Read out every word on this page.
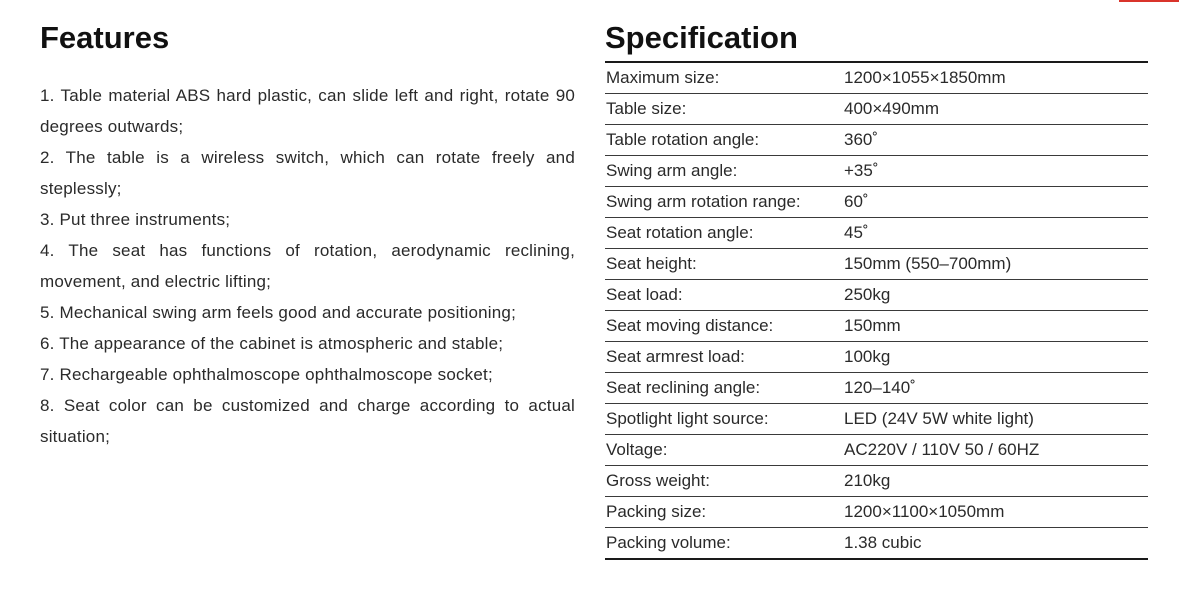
Features
1. Table material ABS hard plastic, can slide left and right, rotate 90 degrees outwards;
2. The table is a wireless switch, which can rotate freely and steplessly;
3. Put three instruments;
4. The seat has functions of rotation, aerodynamic reclining, movement, and electric lifting;
5. Mechanical swing arm feels good and accurate positioning;
6. The appearance of the cabinet is atmospheric and stable;
7. Rechargeable ophthalmoscope ophthalmoscope socket;
8. Seat color can be customized and charge according to actual situation;
Specification
Maximum size:	1200×1055×1850mm
Table size:	400×490mm
Table rotation angle:	360˚
Swing arm angle:	+35˚
Swing arm rotation range:	60˚
Seat rotation angle:	45˚
Seat height:	150mm (550–700mm)
Seat load:	250kg
Seat moving distance:	150mm
Seat armrest load:	100kg
Seat reclining angle:	120–140˚
Spotlight light source:	LED (24V 5W white light)
Voltage:	AC220V / 110V 50 / 60HZ
Gross weight:	210kg
Packing size:	1200×1100×1050mm
Packing volume:	1.38 cubic
